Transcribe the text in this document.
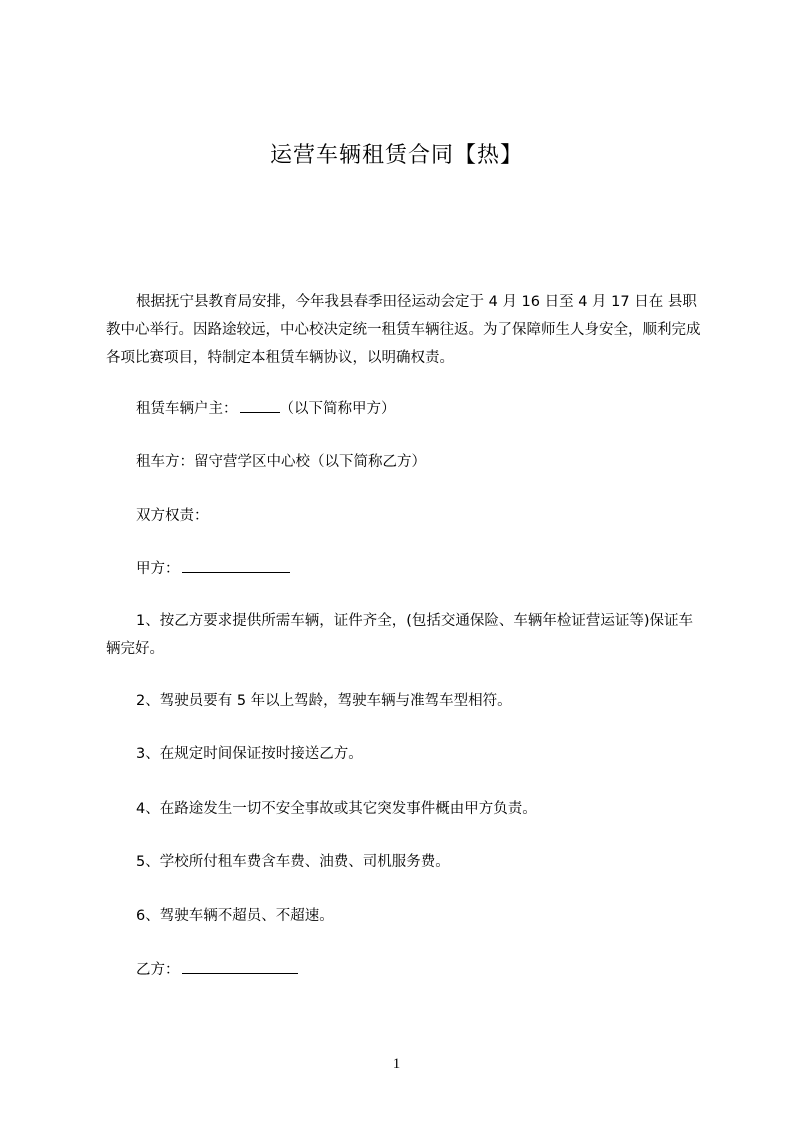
运营车辆租赁合同【热】

根据抚宁县教育局安排，今年我县春季田径运动会定于 4 月 16 日至 4 月 17 日在 县职教中心举行。因路途较远，中心校决定统一租赁车辆往返。为了保障师生人身安全，顺利完成各项比赛项目，特制定本租赁车辆协议，以明确权责。

租赁车辆户主：	（以下简称甲方）

租车方：留守营学区中心校（以下简称乙方）

双方权责：

甲方：

1、按乙方要求提供所需车辆，证件齐全，(包括交通保险、车辆年检证营运证等)保证车辆完好。

2、驾驶员要有 5 年以上驾龄，驾驶车辆与准驾车型相符。

3、在规定时间保证按时接送乙方。

4、在路途发生一切不安全事故或其它突发事件概由甲方负责。

5、学校所付租车费含车费、油费、司机服务费。

6、驾驶车辆不超员、不超速。

乙方：

1
